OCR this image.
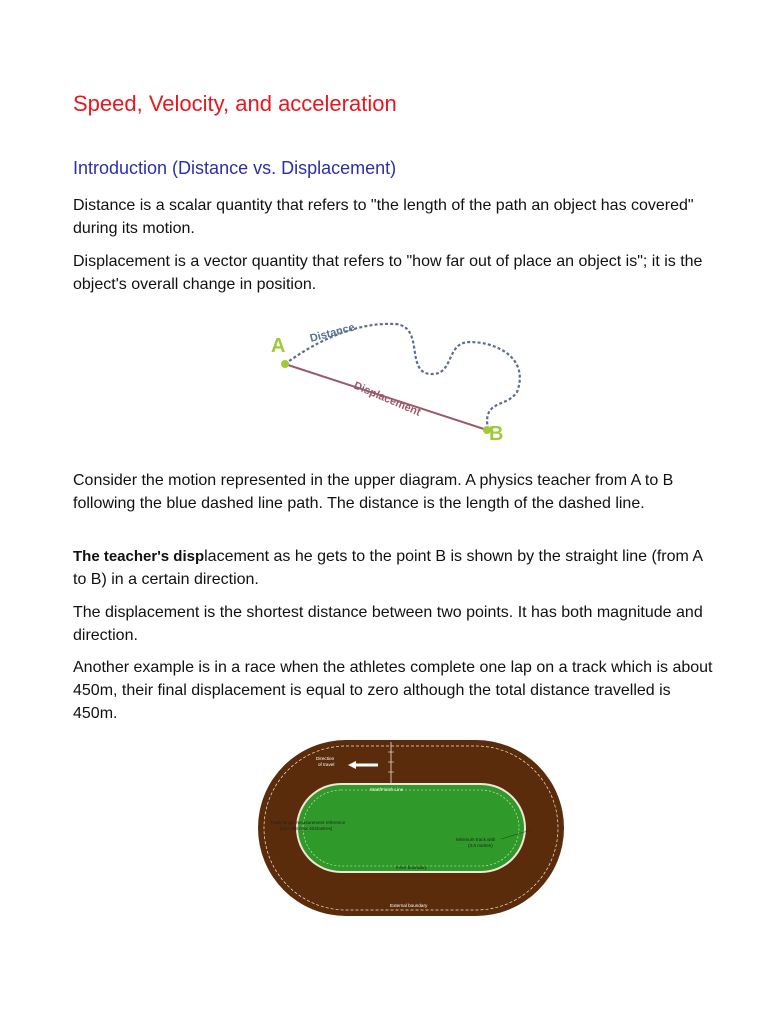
Speed, Velocity, and acceleration
Introduction (Distance vs. Displacement)

Distance is a scalar quantity that refers to "the length of the path an object has covered" during its motion.

Displacement is a vector quantity that refers to "how far out of place an object is"; it is the object's overall change in position.

A
B
Distance
Displacement

Consider the motion represented in the upper diagram. A physics teacher from A to B following the blue dashed line path. The distance is the length of the dashed line.

The teacher's displacement as he gets to the point B is shown by the straight line (from A to B) in a certain direction.

The displacement is the shortest distance between two points. It has both magnitude and direction.

Another example is in a race when the athletes complete one lap on a track which is about 450m, their final displacement is equal to zero although the total distance travelled is 450m.

Direction
of travel
Start/Finish Line
Track length measurement reference
(min 398 max 402metres)
Minimum track with
(3.6 metres)
Inner boundary
External boundary
